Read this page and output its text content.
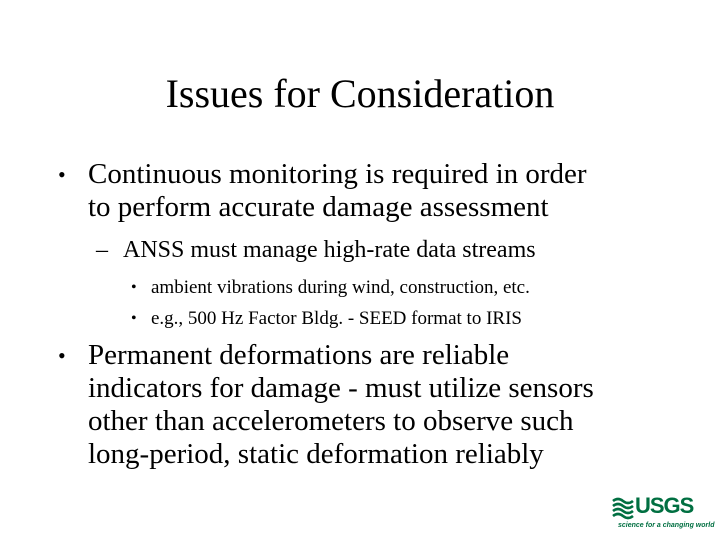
Issues for Consideration
• Continuous monitoring is required in order
to perform accurate damage assessment
– ANSS must manage high-rate data streams
• ambient vibrations during wind, construction, etc.
• e.g., 500 Hz Factor Bldg. - SEED format to IRIS
• Permanent deformations are reliable
indicators for damage - must utilize sensors
other than accelerometers to observe such
long-period, static deformation reliably
USGS
science for a changing world
